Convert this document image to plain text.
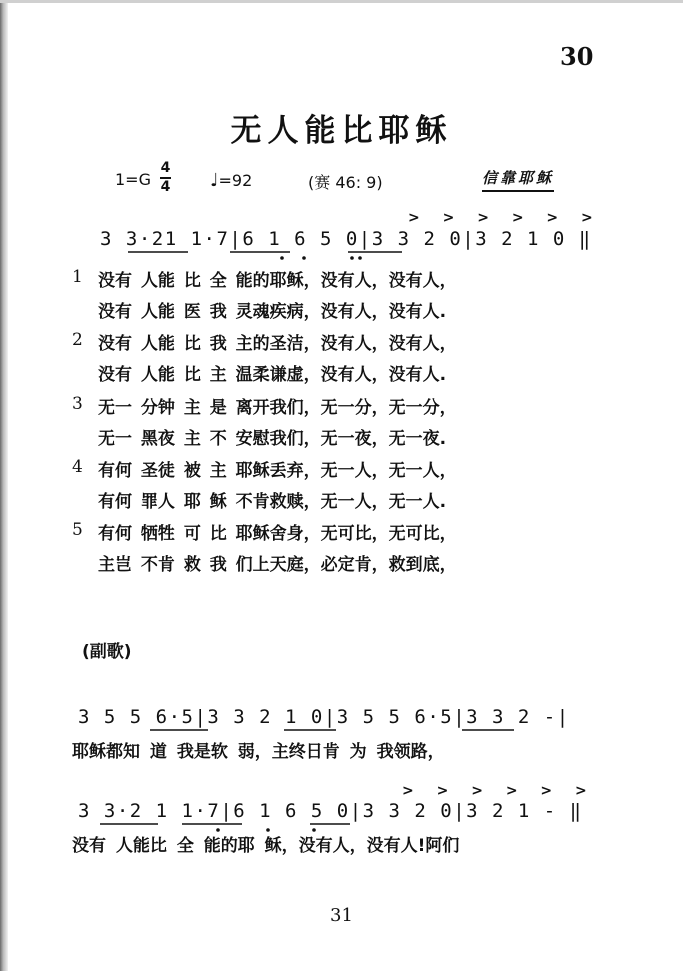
30
无人能比耶稣
1=G
4
4 ♩=92	(赛 46: 9)	信靠耶稣
> > > > > >
3 3·21 1·7|6 1 6 5 0|3 3 2 0|3 2 1 0 ‖
1 没有 人能 比 全 能的耶稣，没有人，没有人，
没有 人能 医 我 灵魂疾病，没有人，没有人.
2 没有 人能 比 我 主的圣洁，没有人，没有人，
没有 人能 比 主 温柔谦虚，没有人，没有人.
3 无一 分钟 主 是 离开我们，无一分，无一分，
无一 黑夜 主 不 安慰我们，无一夜，无一夜.
4 有何 圣徒 被 主 耶稣丢弃，无一人，无一人，
有何 罪人 耶 稣 不肯救赎，无一人，无一人.
5 有何 牺牲 可 比 耶稣舍身，无可比，无可比，
主岂 不肯 救 我 们上天庭，必定肯，救到底，
(副歌)
3 5 5 6·5|3 3 2 1 0|3 5 5 6·5|3 3 2 -|
耶稣都知 道 我是软 弱，主终日肯 为 我领路，
> > > > > >
3 3·2 1 1·7|6 1 6 5 0|3 3 2 0|3 2 1 - ‖
没有 人能比 全 能的耶 稣，没有人，没有人!阿们
31
